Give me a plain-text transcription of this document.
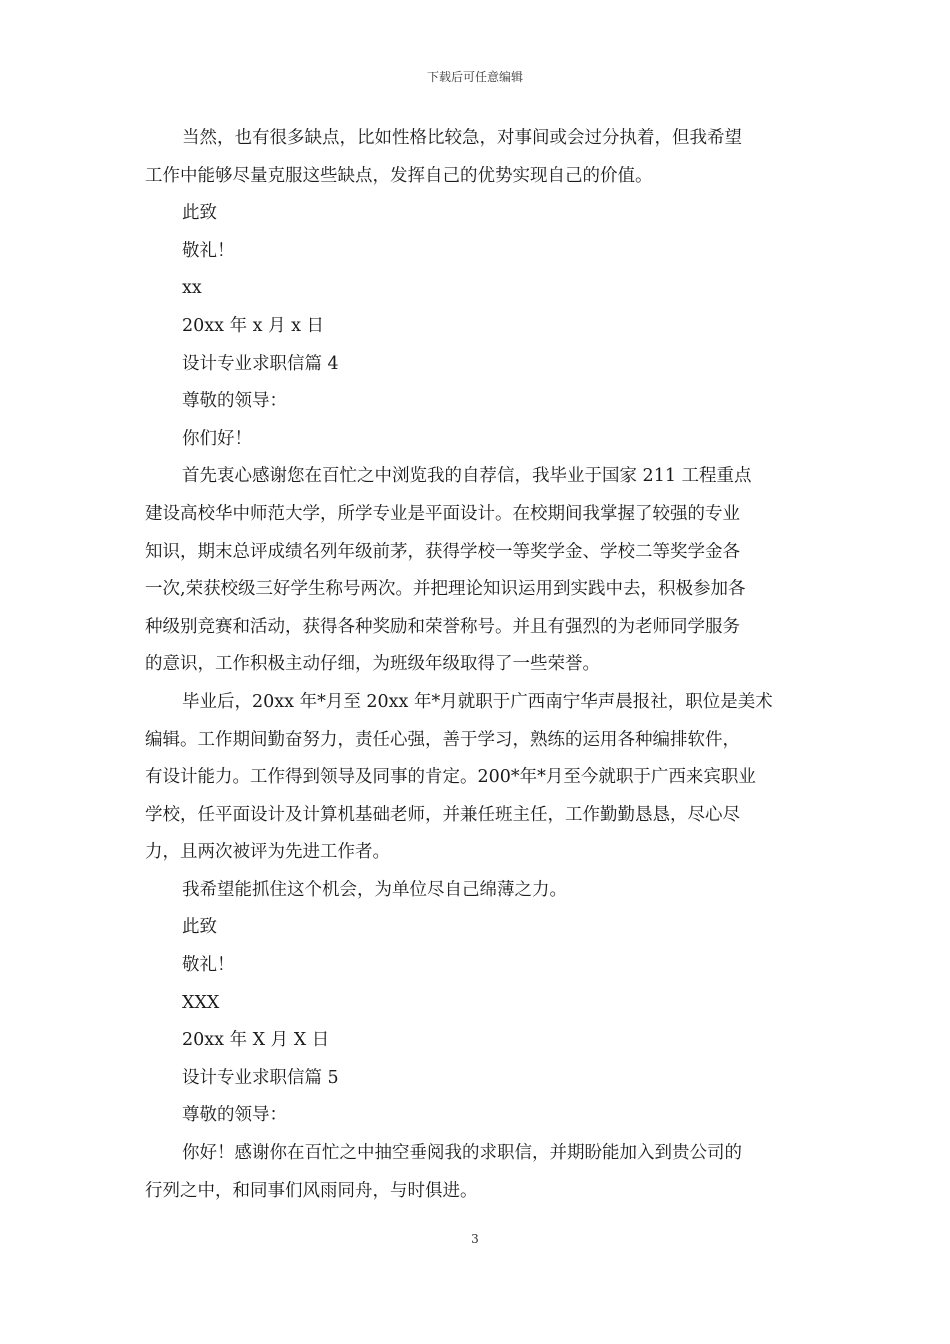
下载后可任意编辑

当然，也有很多缺点，比如性格比较急，对事间或会过分执着，但我希望
工作中能够尽量克服这些缺点，发挥自己的优势实现自己的价值。

此致

敬礼！

xx

20xx 年 x 月 x 日

设计专业求职信篇 4

尊敬的领导：

你们好！

首先衷心感谢您在百忙之中浏览我的自荐信，我毕业于国家 211 工程重点
建设高校华中师范大学，所学专业是平面设计。在校期间我掌握了较强的专业
知识，期末总评成绩名列年级前茅，获得学校一等奖学金、学校二等奖学金各
一次,荣获校级三好学生称号两次。并把理论知识运用到实践中去，积极参加各
种级别竞赛和活动，获得各种奖励和荣誉称号。并且有强烈的为老师同学服务
的意识，工作积极主动仔细，为班级年级取得了一些荣誉。

毕业后，20xx 年*月至 20xx 年*月就职于广西南宁华声晨报社，职位是美术
编辑。工作期间勤奋努力，责任心强，善于学习，熟练的运用各种编排软件，
有设计能力。工作得到领导及同事的肯定。200*年*月至今就职于广西来宾职业
学校，任平面设计及计算机基础老师，并兼任班主任，工作勤勤恳恳，尽心尽
力，且两次被评为先进工作者。

我希望能抓住这个机会，为单位尽自己绵薄之力。

此致

敬礼！

XXX

20xx 年 X 月 X 日

设计专业求职信篇 5

尊敬的领导：

你好！感谢你在百忙之中抽空垂阅我的求职信，并期盼能加入到贵公司的
行列之中，和同事们风雨同舟，与时俱进。

3
